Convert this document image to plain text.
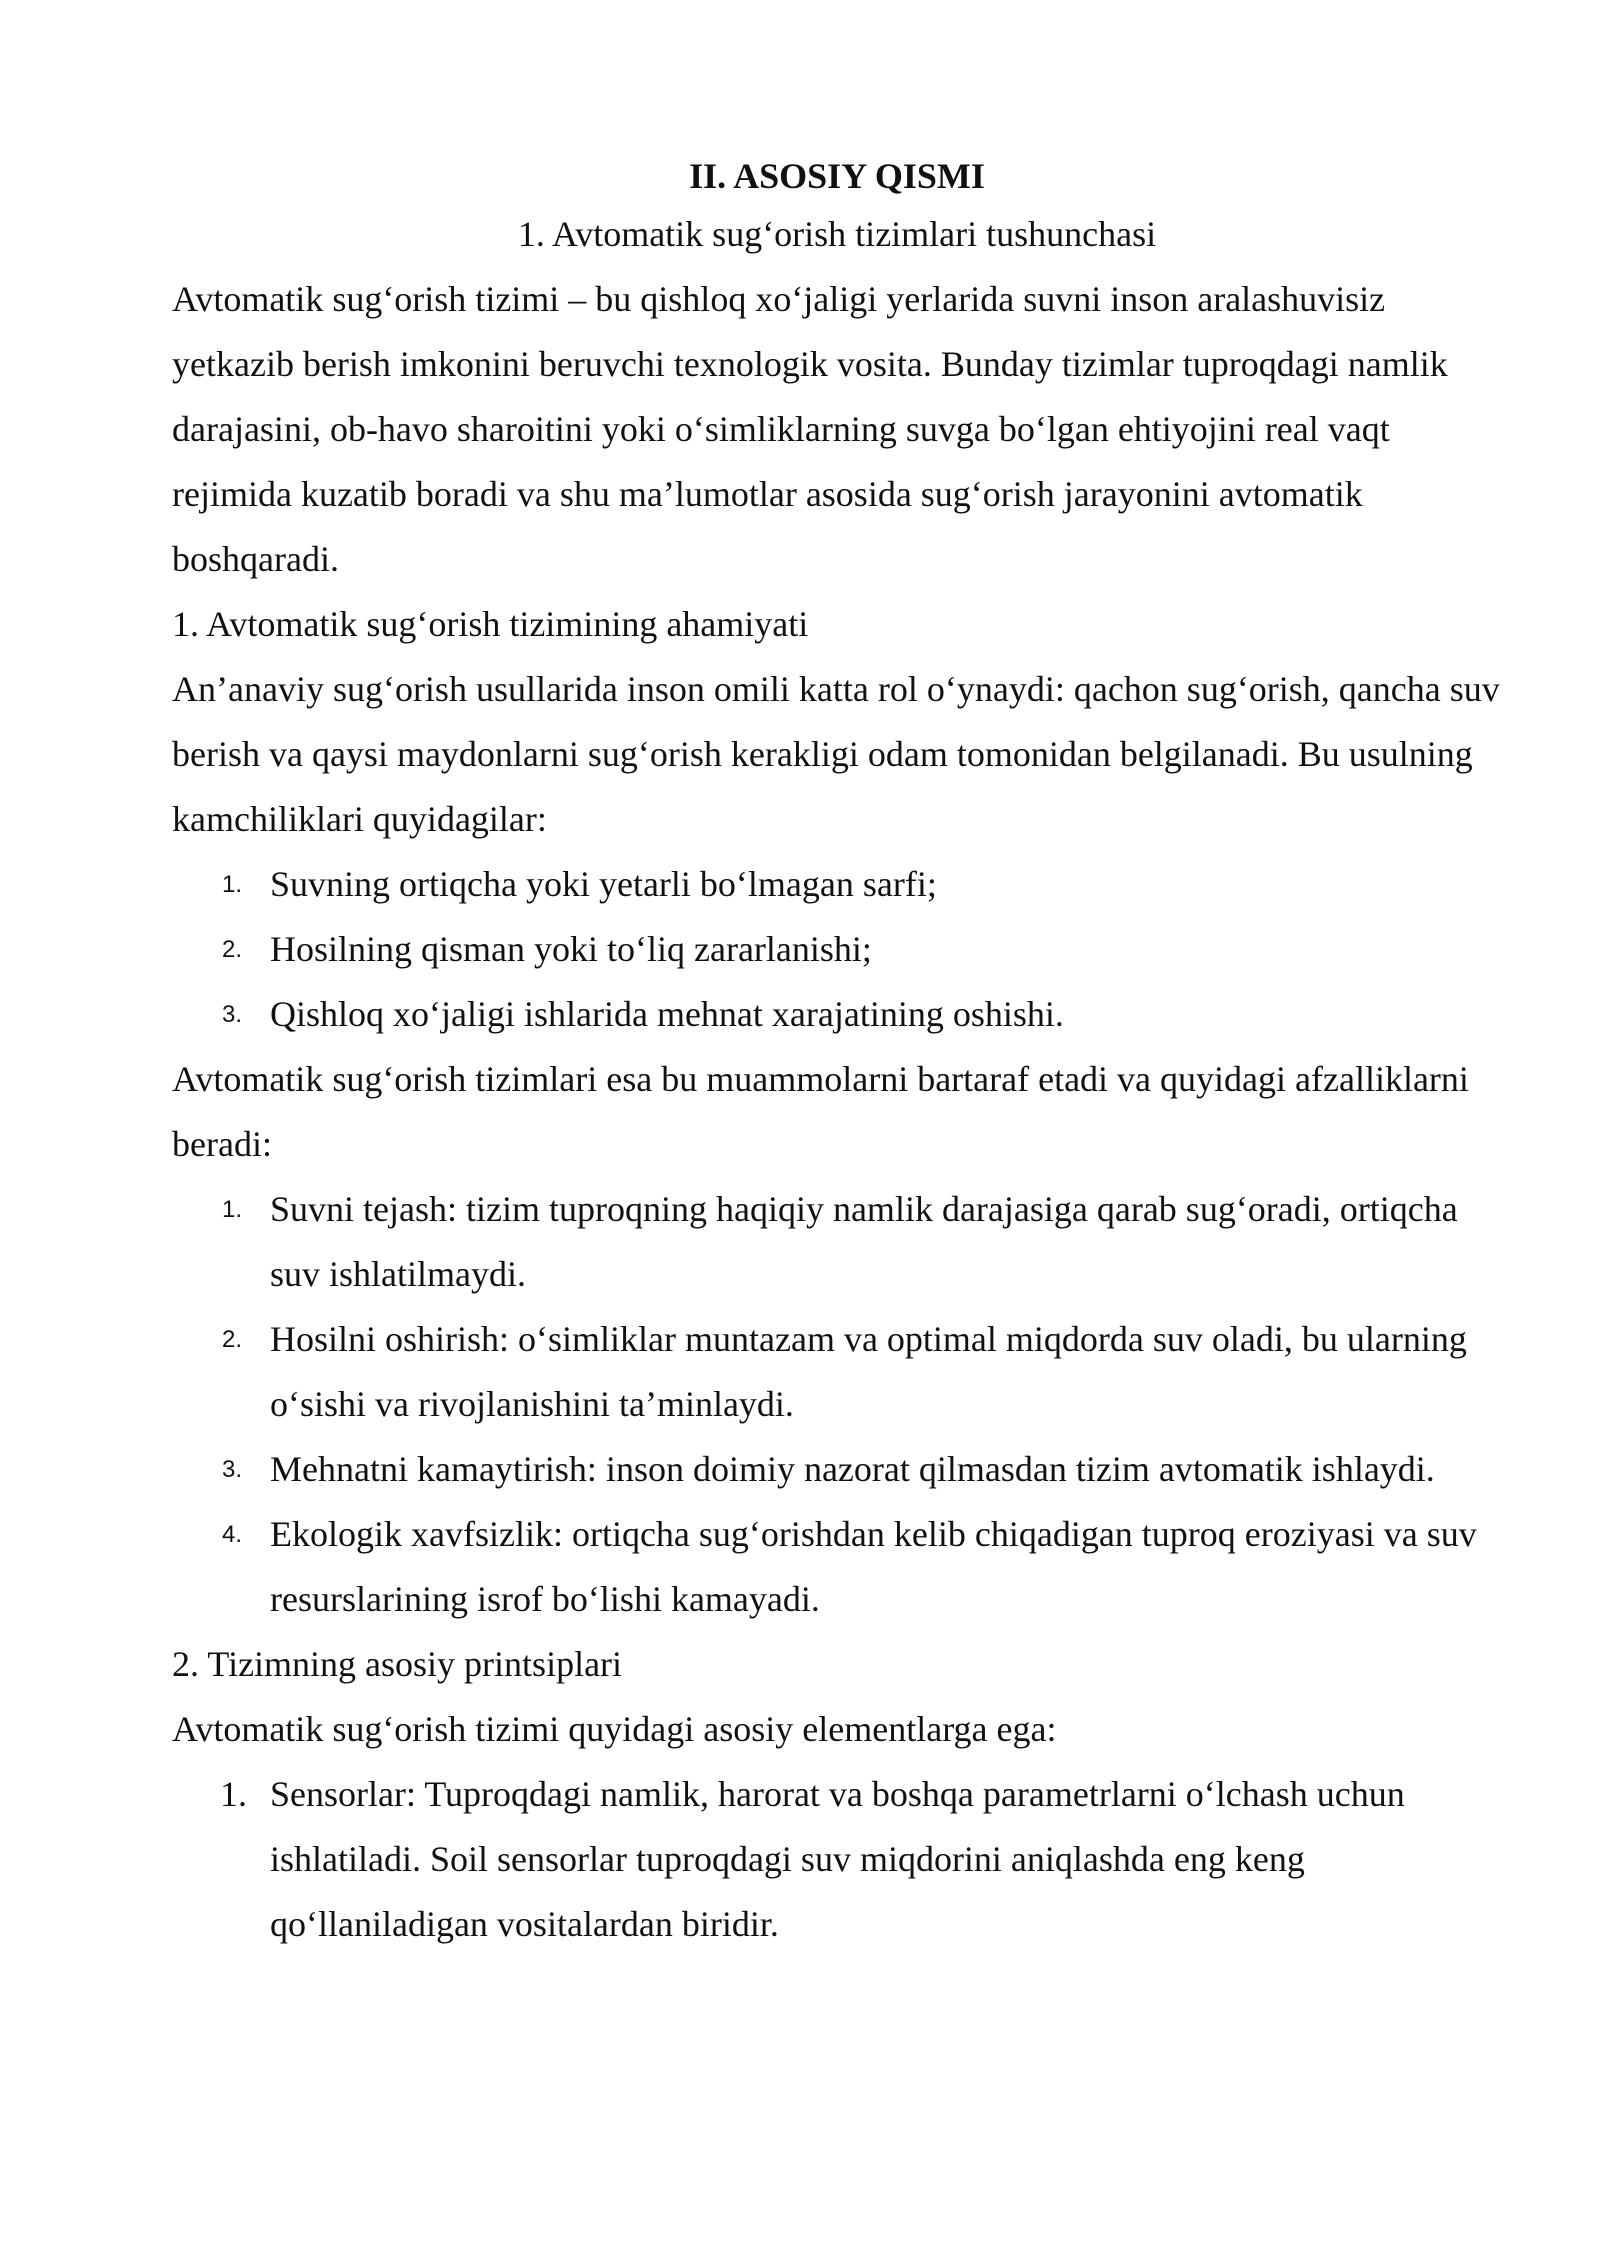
II. ASOSIY QISMI
1. Avtomatik sug‘orish tizimlari tushunchasi

Avtomatik sug‘orish tizimi – bu qishloq xo‘jaligi yerlarida suvni inson aralashuvisiz yetkazib berish imkonini beruvchi texnologik vosita. Bunday tizimlar tuproqdagi namlik darajasini, ob-havo sharoitini yoki o‘simliklarning suvga bo‘lgan ehtiyojini real vaqt rejimida kuzatib boradi va shu ma’lumotlar asosida sug‘orish jarayonini avtomatik boshqaradi.

1. Avtomatik sug‘orish tizimining ahamiyati

An’anaviy sug‘orish usullarida inson omili katta rol o‘ynaydi: qachon sug‘orish, qancha suv berish va qaysi maydonlarni sug‘orish kerakligi odam tomonidan belgilanadi. Bu usulning kamchiliklari quyidagilar:

1. Suvning ortiqcha yoki yetarli bo‘lmagan sarfi;
2. Hosilning qisman yoki to‘liq zararlanishi;
3. Qishloq xo‘jaligi ishlarida mehnat xarajatining oshishi.

Avtomatik sug‘orish tizimlari esa bu muammolarni bartaraf etadi va quyidagi afzalliklarni beradi:

1. Suvni tejash: tizim tuproqning haqiqiy namlik darajasiga qarab sug‘oradi, ortiqcha suv ishlatilmaydi.
2. Hosilni oshirish: o‘simliklar muntazam va optimal miqdorda suv oladi, bu ularning o‘sishi va rivojlanishini ta’minlaydi.
3. Mehnatni kamaytirish: inson doimiy nazorat qilmasdan tizim avtomatik ishlaydi.
4. Ekologik xavfsizlik: ortiqcha sug‘orishdan kelib chiqadigan tuproq eroziyasi va suv resurslarining isrof bo‘lishi kamayadi.

2. Tizimning asosiy printsiplari

Avtomatik sug‘orish tizimi quyidagi asosiy elementlarga ega:

1. Sensorlar: Tuproqdagi namlik, harorat va boshqa parametrlarni o‘lchash uchun ishlatiladi. Soil sensorlar tuproqdagi suv miqdorini aniqlashda eng keng qo‘llaniladigan vositalardan biridir.
